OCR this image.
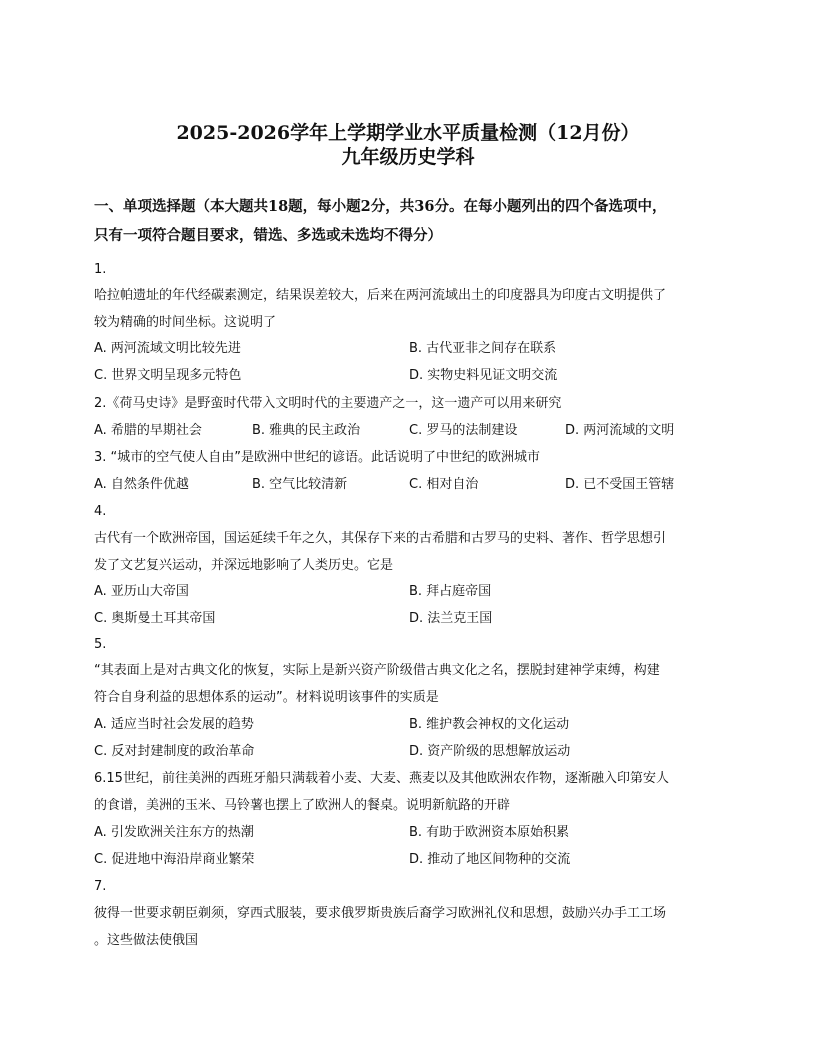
2025-2026学年上学期学业水平质量检测（12月份）
九年级历史学科
一、单项选择题（本大题共18题，每小题2分，共36分。在每小题列出的四个备选项中，
只有一项符合题目要求，错选、多选或未选均不得分）
1.
哈拉帕遗址的年代经碳素测定，结果误差较大，后来在两河流域出土的印度器具为印度古文明提供了
较为精确的时间坐标。这说明了
A. 两河流域文明比较先进	B. 古代亚非之间存在联系
C. 世界文明呈现多元特色	D. 实物史料见证文明交流
2.《荷马史诗》是野蛮时代带入文明时代的主要遗产之一，这一遗产可以用来研究
A. 希腊的早期社会	B. 雅典的民主政治	C. 罗马的法制建设	D. 两河流域的文明
3. “城市的空气使人自由”是欧洲中世纪的谚语。此话说明了中世纪的欧洲城市
A. 自然条件优越	B. 空气比较清新	C. 相对自治	D. 已不受国王管辖
4.
古代有一个欧洲帝国，国运延续千年之久，其保存下来的古希腊和古罗马的史料、著作、哲学思想引
发了文艺复兴运动，并深远地影响了人类历史。它是
A. 亚历山大帝国	B. 拜占庭帝国
C. 奥斯曼土耳其帝国	D. 法兰克王国
5.
“其表面上是对古典文化的恢复，实际上是新兴资产阶级借古典文化之名，摆脱封建神学束缚，构建
符合自身利益的思想体系的运动”。材料说明该事件的实质是
A. 适应当时社会发展的趋势	B. 维护教会神权的文化运动
C. 反对封建制度的政治革命	D. 资产阶级的思想解放运动
6.15世纪，前往美洲的西班牙船只满载着小麦、大麦、燕麦以及其他欧洲农作物，逐渐融入印第安人
的食谱，美洲的玉米、马铃薯也摆上了欧洲人的餐桌。说明新航路的开辟
A. 引发欧洲关注东方的热潮	B. 有助于欧洲资本原始积累
C. 促进地中海沿岸商业繁荣	D. 推动了地区间物种的交流
7.
彼得一世要求朝臣剃须，穿西式服装，要求俄罗斯贵族后裔学习欧洲礼仪和思想，鼓励兴办手工工场
。这些做法使俄国
